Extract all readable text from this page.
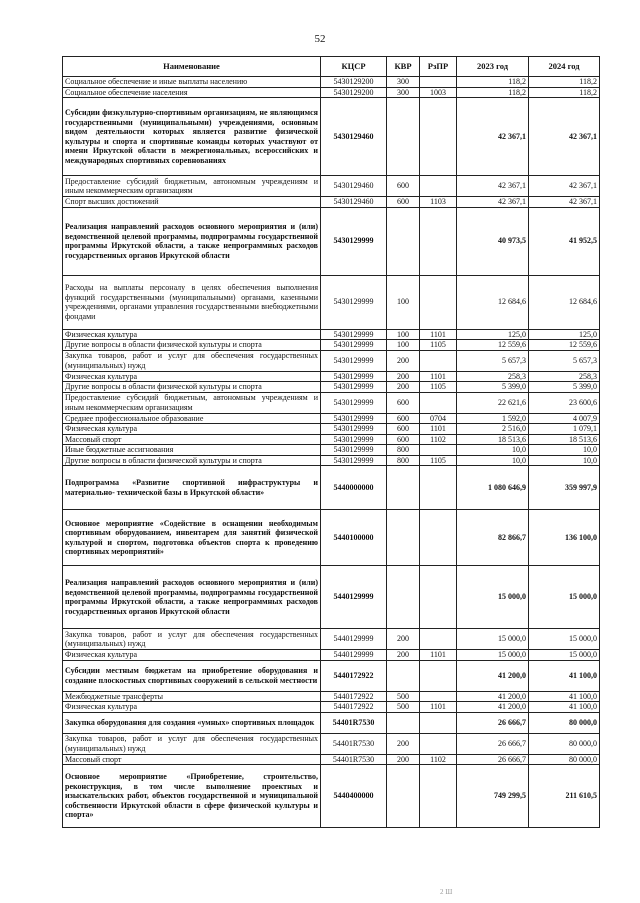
52
Наименование	КЦСР	КВР	РзПР	2023 год	2024 год
Социальное обеспечение и иные выплаты населению	5430129200	300		118,2	118,2
Социальное обеспечение населения	5430129200	300	1003	118,2	118,2
Субсидии физкультурно-спортивным организациям, не являющимся государственными (муниципальными) учреждениями, основным видом деятельности которых является развитие физической культуры и спорта и спортивные команды которых участвуют от имени Иркутской области в межрегиональных, всероссийских и международных спортивных соревнованиях	5430129460			42 367,1	42 367,1
Предоставление субсидий бюджетным, автономным учреждениям и иным некоммерческим организациям	5430129460	600		42 367,1	42 367,1
Спорт высших достижений	5430129460	600	1103	42 367,1	42 367,1
Реализация направлений расходов основного мероприятия и (или) ведомственной целевой программы, подпрограммы государственной программы Иркутской области, а также непрограммных расходов государственных органов Иркутской области	5430129999			40 973,5	41 952,5
Расходы на выплаты персоналу в целях обеспечения выполнения функций государственными (муниципальными) органами, казенными учреждениями, органами управления государственными внебюджетными фондами	5430129999	100		12 684,6	12 684,6
Физическая культура	5430129999	100	1101	125,0	125,0
Другие вопросы в области физической культуры и спорта	5430129999	100	1105	12 559,6	12 559,6
Закупка товаров, работ и услуг для обеспечения государственных (муниципальных) нужд	5430129999	200		5 657,3	5 657,3
Физическая культура	5430129999	200	1101	258,3	258,3
Другие вопросы в области физической культуры и спорта	5430129999	200	1105	5 399,0	5 399,0
Предоставление субсидий бюджетным, автономным учреждениям и иным некоммерческим организациям	5430129999	600		22 621,6	23 600,6
Среднее профессиональное образование	5430129999	600	0704	1 592,0	4 007,9
Физическая культура	5430129999	600	1101	2 516,0	1 079,1
Массовый спорт	5430129999	600	1102	18 513,6	18 513,6
Иные бюджетные ассигнования	5430129999	800		10,0	10,0
Другие вопросы в области физической культуры и спорта	5430129999	800	1105	10,0	10,0
Подпрограмма «Развитие спортивной инфраструктуры и материально- технической базы в Иркутской области»	5440000000			1 080 646,9	359 997,9
Основное мероприятие «Содействие в оснащении необходимым спортивным оборудованием, инвентарем для занятий физической культурой и спортом, подготовка объектов спорта к проведению спортивных мероприятий»	5440100000			82 866,7	136 100,0
Реализация направлений расходов основного мероприятия и (или) ведомственной целевой программы, подпрограммы государственной программы Иркутской области, а также непрограммных расходов государственных органов Иркутской области	5440129999			15 000,0	15 000,0
Закупка товаров, работ и услуг для обеспечения государственных (муниципальных) нужд	5440129999	200		15 000,0	15 000,0
Физическая культура	5440129999	200	1101	15 000,0	15 000,0
Субсидии местным бюджетам на приобретение оборудования и создание плоскостных спортивных сооружений в сельской местности	5440172922			41 200,0	41 100,0
Межбюджетные трансферты	5440172922	500		41 200,0	41 100,0
Физическая культура	5440172922	500	1101	41 200,0	41 100,0
Закупка оборудования для создания «умных» спортивных площадок	54401R7530			26 666,7	80 000,0
Закупка товаров, работ и услуг для обеспечения государственных (муниципальных) нужд	54401R7530	200		26 666,7	80 000,0
Массовый спорт	54401R7530	200	1102	26 666,7	80 000,0
Основное мероприятие «Приобретение, строительство, реконструкция, в том числе выполнение проектных и изыскательских работ, объектов государственной и муниципальной собственности Иркутской области в сфере физической культуры и спорта»	5440400000			749 299,5	211 610,5
2 Ш
